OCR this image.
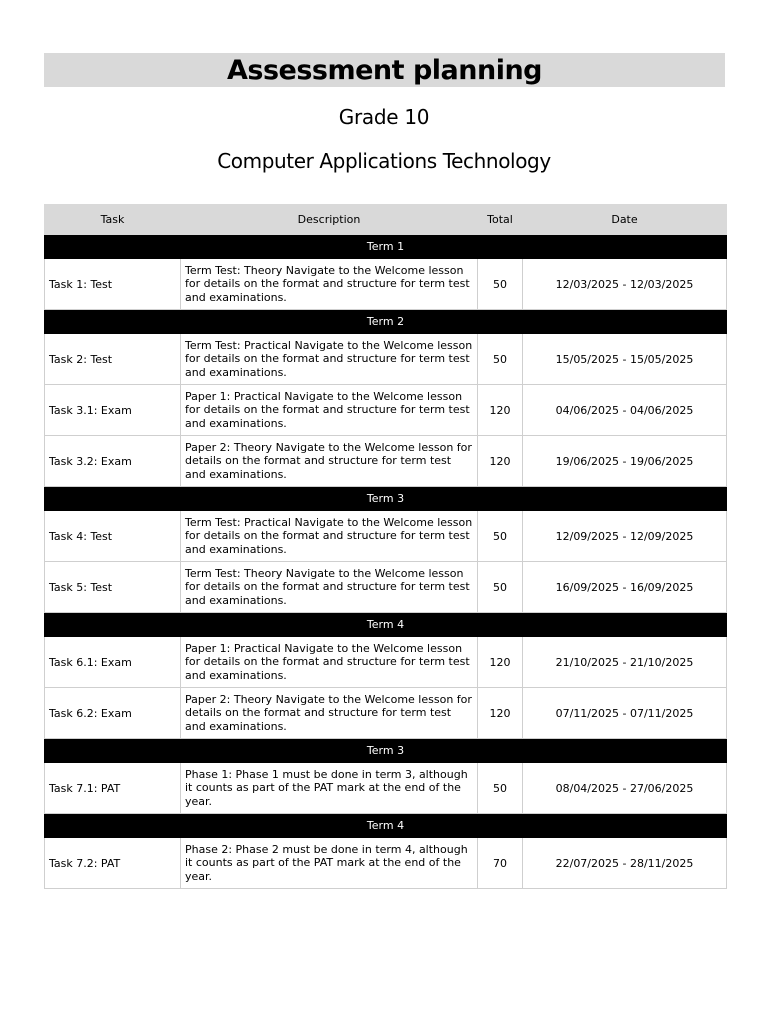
Assessment planning
Grade 10
Computer Applications Technology
Task	Description	Total	Date
Term 1			
Task 1: Test	Term Test: Theory Navigate to the Welcome lesson for details on the format and structure for term test and examinations.	50	12/03/2025 - 12/03/2025
Term 2			
Task 2: Test	Term Test: Practical Navigate to the Welcome lesson for details on the format and structure for term test and examinations.	50	15/05/2025 - 15/05/2025
Task 3.1: Exam	Paper 1: Practical Navigate to the Welcome lesson for details on the format and structure for term test and examinations.	120	04/06/2025 - 04/06/2025
Task 3.2: Exam	Paper 2: Theory Navigate to the Welcome lesson for details on the format and structure for term test and examinations.	120	19/06/2025 - 19/06/2025
Term 3			
Task 4: Test	Term Test: Practical Navigate to the Welcome lesson for details on the format and structure for term test and examinations.	50	12/09/2025 - 12/09/2025
Task 5: Test	Term Test: Theory Navigate to the Welcome lesson for details on the format and structure for term test and examinations.	50	16/09/2025 - 16/09/2025
Term 4			
Task 6.1: Exam	Paper 1: Practical Navigate to the Welcome lesson for details on the format and structure for term test and examinations.	120	21/10/2025 - 21/10/2025
Task 6.2: Exam	Paper 2: Theory Navigate to the Welcome lesson for details on the format and structure for term test and examinations.	120	07/11/2025 - 07/11/2025
Term 3			
Task 7.1: PAT	Phase 1: Phase 1 must be done in term 3, although it counts as part of the PAT mark at the end of the year.	50	08/04/2025 - 27/06/2025
Term 4			
Task 7.2: PAT	Phase 2: Phase 2 must be done in term 4, although it counts as part of the PAT mark at the end of the year.	70	22/07/2025 - 28/11/2025
